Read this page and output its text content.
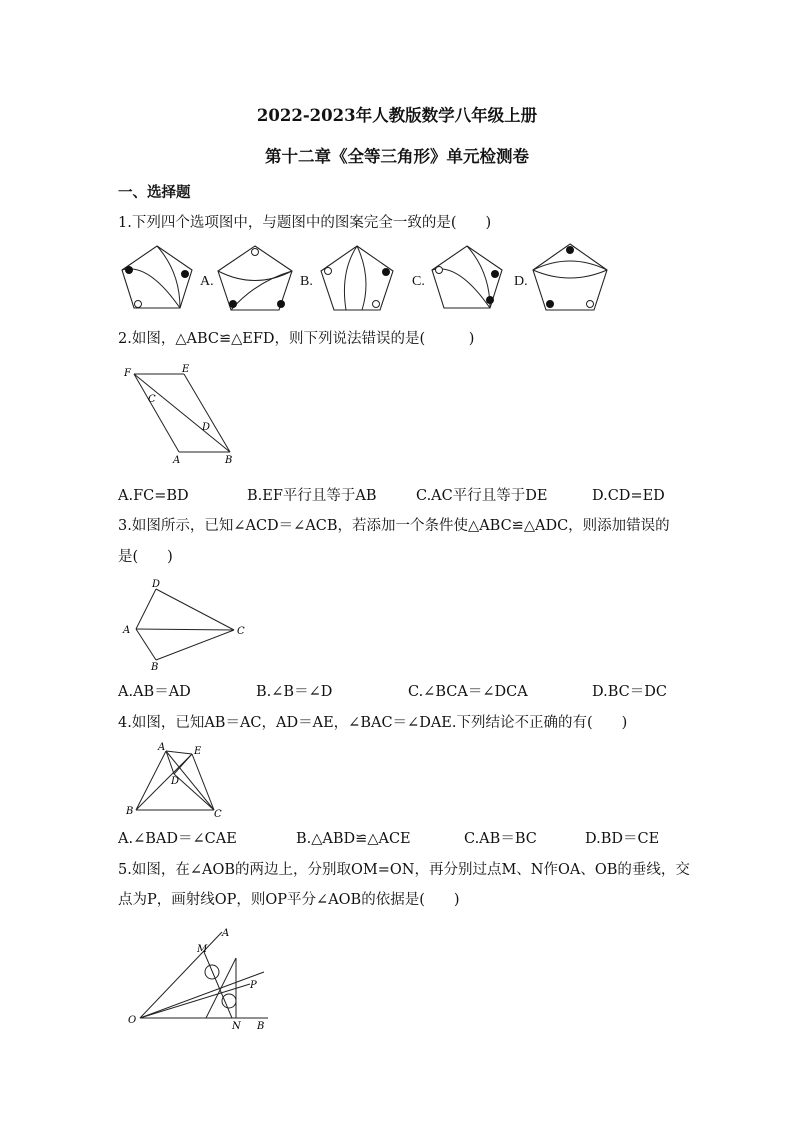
2022-2023年人教版数学八年级上册
第十二章《全等三角形》单元检测卷
一、选择题
1.下列四个选项图中，与题图中的图案完全一致的是(　　)
A.	B.	C.	D.
2.如图，△ABC≌△EFD，则下列说法错误的是(　　　)
F	E
C
D
A	B
A.FC=BD	B.EF平行且等于AB	C.AC平行且等于DE	D.CD=ED
3.如图所示，已知∠ACD＝∠ACB，若添加一个条件使△ABC≌△ADC，则添加错误的
是(　　)
D
A	C
B
A.AB＝AD	B.∠B＝∠D	C.∠BCA＝∠DCA	D.BC＝DC
4.如图，已知AB＝AC，AD＝AE，∠BAC＝∠DAE.下列结论不正确的有(　　)
A	E
D
B	C
A.∠BAD＝∠CAE	B.△ABD≌△ACE	C.AB＝BC	D.BD＝CE
5.如图，在∠AOB的两边上，分别取OM=ON，再分别过点M、N作OA、OB的垂线，交
点为P，画射线OP，则OP平分∠AOB的依据是(　　)
A
M
P
O
N B
